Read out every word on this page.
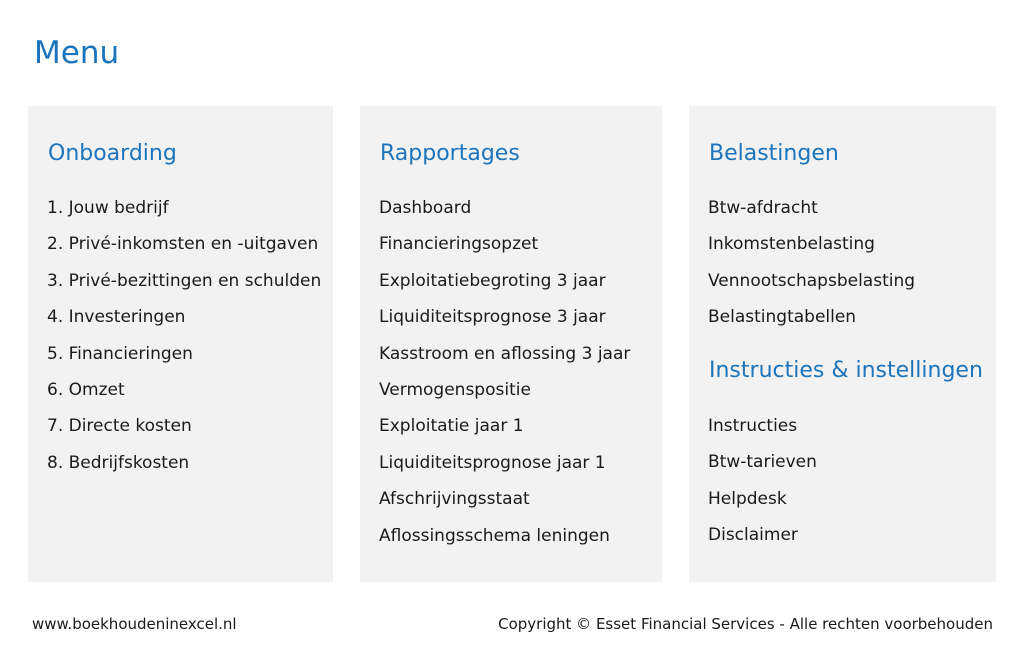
Menu
Onboarding
1. Jouw bedrijf
2. Privé-inkomsten en -uitgaven
3. Privé-bezittingen en schulden
4. Investeringen
5. Financieringen
6. Omzet
7. Directe kosten
8. Bedrijfskosten
Rapportages
Dashboard
Financieringsopzet
Exploitatiebegroting 3 jaar
Liquiditeitsprognose 3 jaar
Kasstroom en aflossing 3 jaar
Vermogenspositie
Exploitatie jaar 1
Liquiditeitsprognose jaar 1
Afschrijvingsstaat
Aflossingsschema leningen
Belastingen
Btw-afdracht
Inkomstenbelasting
Vennootschapsbelasting
Belastingtabellen
Instructies & instellingen
Instructies
Btw-tarieven
Helpdesk
Disclaimer
www.boekhoudeninexcel.nl	Copyright © Esset Financial Services - Alle rechten voorbehouden
